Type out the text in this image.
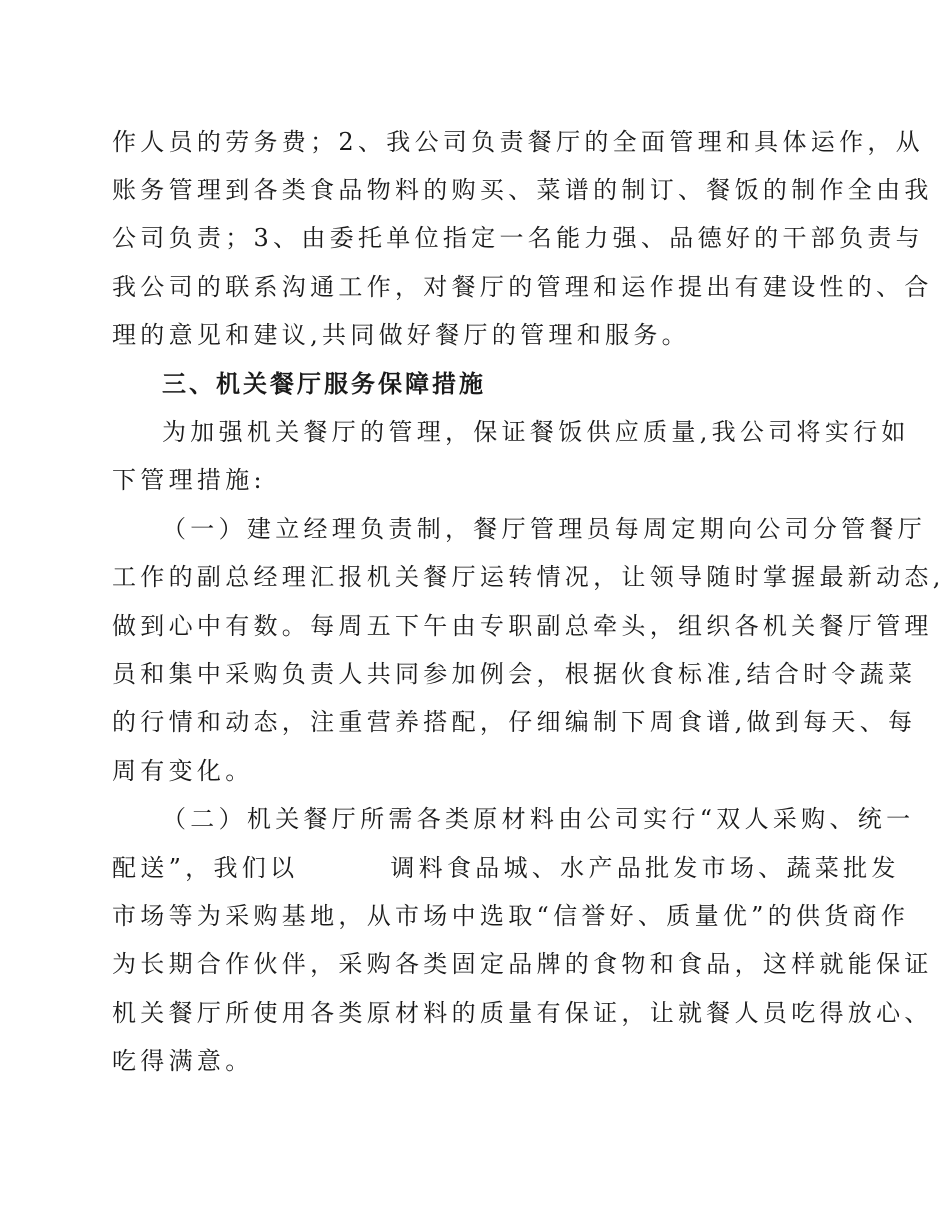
作人员的劳务费；2、我公司负责餐厅的全面管理和具体运作，从
账务管理到各类食品物料的购买、菜谱的制订、餐饭的制作全由我
公司负责；3、由委托单位指定一名能力强、品德好的干部负责与
我公司的联系沟通工作，对餐厅的管理和运作提出有建设性的、合
理的意见和建议,共同做好餐厅的管理和服务。
三、机关餐厅服务保障措施
为加强机关餐厅的管理，保证餐饭供应质量,我公司将实行如
下管理措施:
（一）建立经理负责制，餐厅管理员每周定期向公司分管餐厅
工作的副总经理汇报机关餐厅运转情况，让领导随时掌握最新动态,
做到心中有数。每周五下午由专职副总牵头，组织各机关餐厅管理
员和集中采购负责人共同参加例会，根据伙食标准,结合时令蔬菜
的行情和动态，注重营养搭配，仔细编制下周食谱,做到每天、每
周有变化。
（二）机关餐厅所需各类原材料由公司实行“双人采购、统一
配送”，我们以	调料食品城、水产品批发市场、蔬菜批发
市场等为采购基地，从市场中选取“信誉好、质量优”的供货商作
为长期合作伙伴，采购各类固定品牌的食物和食品，这样就能保证
机关餐厅所使用各类原材料的质量有保证，让就餐人员吃得放心、
吃得满意。
